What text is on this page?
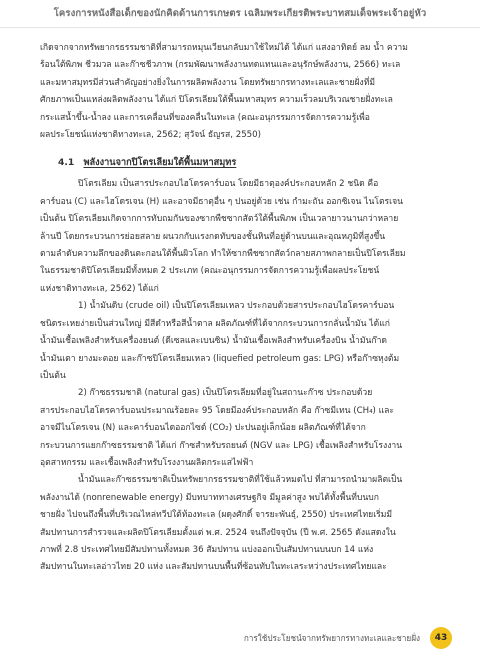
โครงการหนังสือเด็กของนักคิดด้านการเกษตร เฉลิมพระเกียรติพระบาทสมเด็จพระเจ้าอยู่หัว

เกิดจากจากทรัพยากรธรรมชาติที่สามารถหมุนเวียนกลับมาใช้ใหม่ได้ ได้แก่ แสงอาทิตย์ ลม น้ำ ความ
ร้อนใต้พิภพ ชีวมวล และก๊าซชีวภาพ (กรมพัฒนาพลังงานทดแทนและอนุรักษ์พลังงาน, 2566) ทะเล
และมหาสมุทรมีส่วนสำคัญอย่างยิ่งในการผลิตพลังงาน โดยทรัพยากรทางทะเลและชายฝั่งที่มี
ศักยภาพเป็นแหล่งผลิตพลังงาน ได้แก่ ปิโตรเลียมใต้พื้นมหาสมุทร ความเร็วลมบริเวณชายฝั่งทะเล
กระแสน้ำขึ้น-น้ำลง และการเคลื่อนที่ของคลื่นในทะเล (คณะอนุกรรมการจัดการความรู้เพื่อ
ผลประโยชน์แห่งชาติทางทะเล, 2562; สุวัจน์ ธัญรส, 2550)

4.1 พลังงานจากปิโตรเลียมใต้พื้นมหาสมุทร

ปิโตรเลียม เป็นสารประกอบไฮโดรคาร์บอน โดยมีธาตุองค์ประกอบหลัก 2 ชนิด คือ
คาร์บอน (C) และไฮโดรเจน (H) และอาจมีธาตุอื่น ๆ ปนอยู่ด้วย เช่น กำมะถัน ออกซิเจน ไนโตรเจน
เป็นต้น ปิโตรเลียมเกิดจากการทับถมกันของซากพืชซากสัตว์ใต้พื้นพิภพ เป็นเวลายาวนานกว่าหลาย
ล้านปี โดยกระบวนการย่อยสลาย ผนวกกับแรงกดทับของชั้นหินที่อยู่ด้านบนและอุณหภูมิที่สูงขึ้น
ตามลำดับความลึกของดินตะกอนใต้พื้นผิวโลก ทำให้ซากพืชซากสัตว์กลายสภาพกลายเป็นปิโตรเลียม
ในธรรมชาติปิโตรเลียมมีทั้งหมด 2 ประเภท (คณะอนุกรรมการจัดการความรู้เพื่อผลประโยชน์
แห่งชาติทางทะเล, 2562) ได้แก่

1) น้ำมันดิบ (crude oil) เป็นปิโตรเลียมเหลว ประกอบด้วยสารประกอบไฮโดรคาร์บอน
ชนิดระเหยง่ายเป็นส่วนใหญ่ มีสีดำหรือสีน้ำตาล ผลิตภัณฑ์ที่ได้จากกระบวนการกลั่นน้ำมัน ได้แก่
น้ำมันเชื้อเพลิงสำหรับเครื่องยนต์ (ดีเซลและเบนซิน) น้ำมันเชื้อเพลิงสำหรับเครื่องบิน น้ำมันก๊าด
น้ำมันเตา ยางมะตอย และก๊าซปิโตรเลียมเหลว (liquefied petroleum gas: LPG) หรือก๊าซหุงต้ม
เป็นต้น

2) ก๊าซธรรมชาติ (natural gas) เป็นปิโตรเลียมที่อยู่ในสถานะก๊าซ ประกอบด้วย
สารประกอบไฮโดรคาร์บอนประมาณร้อยละ 95 โดยมีองค์ประกอบหลัก คือ ก๊าซมีเทน (CH₄) และ
อาจมีไนโตรเจน (N) และคาร์บอนไดออกไซด์ (CO₂) ปะปนอยู่เล็กน้อย ผลิตภัณฑ์ที่ได้จาก
กระบวนการแยกก๊าซธรรมชาติ ได้แก่ ก๊าซสำหรับรถยนต์ (NGV และ LPG) เชื้อเพลิงสำหรับโรงงาน
อุตสาหกรรม และเชื้อเพลิงสำหรับโรงงานผลิตกระแสไฟฟ้า

น้ำมันและก๊าซธรรมชาติเป็นทรัพยากรธรรมชาติที่ใช้แล้วหมดไป ที่สามารถนำมาผลิตเป็น
พลังงานได้ (nonrenewable energy) มีบทบาททางเศรษฐกิจ มีมูลค่าสูง พบได้ทั้งพื้นที่บนบก
ชายฝั่ง ไปจนถึงพื้นที่บริเวณไหล่ทวีปใต้ท้องทะเล (ผดุงศักดิ์ จารยะพันธุ์, 2550) ประเทศไทยเริ่มมี
สัมปทานการสำรวจและผลิตปิโตรเลียมตั้งแต่ พ.ศ. 2524 จนถึงปัจจุบัน (ปี พ.ศ. 2565 ดังแสดงใน
ภาพที่ 2.8 ประเทศไทยมีสัมปทานทั้งหมด 36 สัมปทาน แบ่งออกเป็นสัมปทานบนบก 14 แห่ง
สัมปทานในทะเลอ่าวไทย 20 แห่ง และสัมปทานบนพื้นที่ซ้อนทับในทะเลระหว่างประเทศไทยและ

การใช้ประโยชน์จากทรัพยากรทางทะเลและชายฝั่ง	43
